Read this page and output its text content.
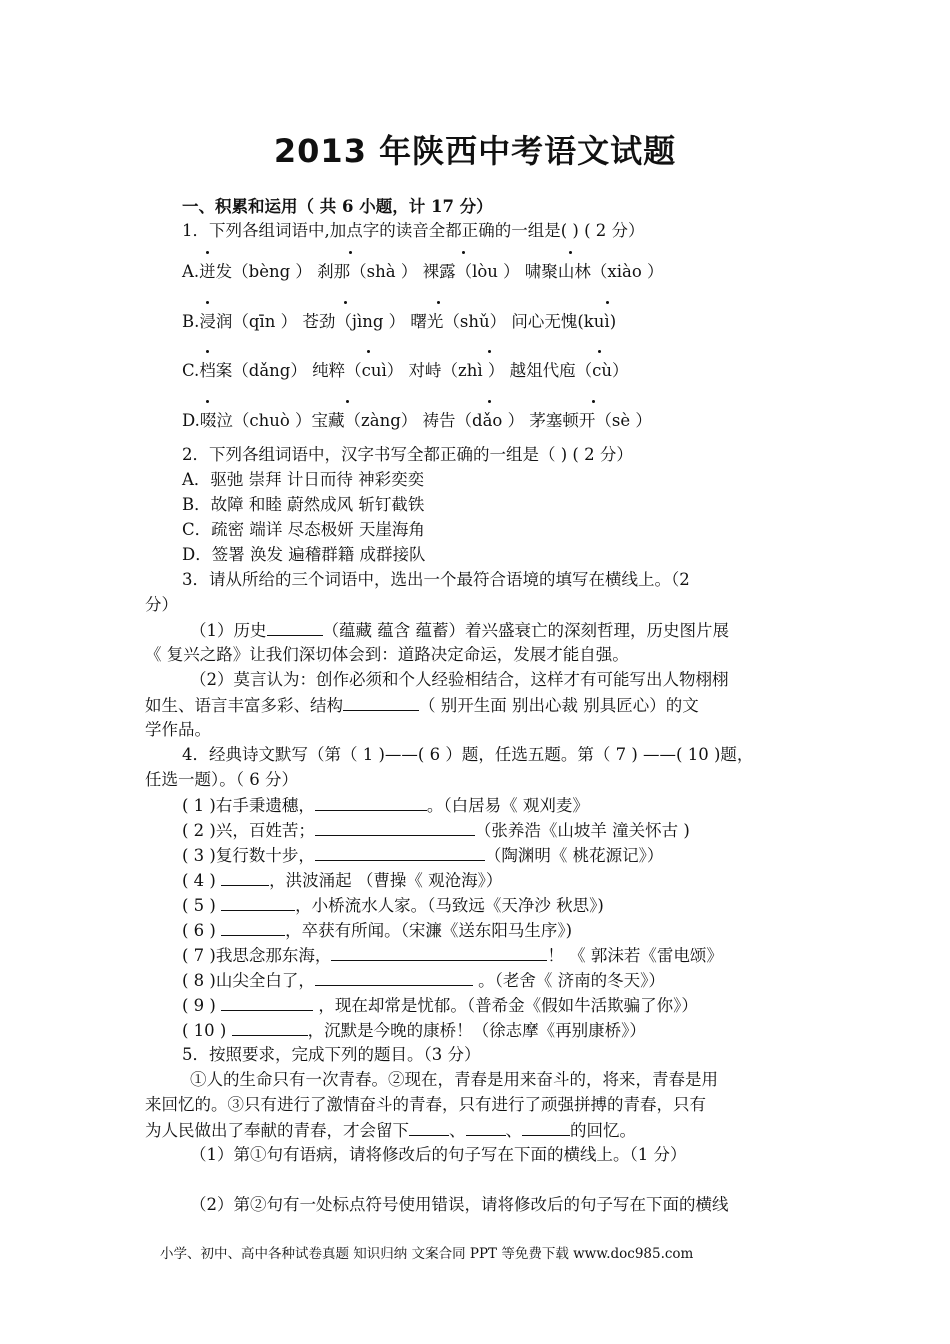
2013 年陕西中考语文试题
一、积累和运用（ 共 6 小题，计 17 分）
1．下列各组词语中,加点字的读音全都正确的一组是( ) ( 2 分）
A.迸发（bèng ） 刹那（shà ） 裸露（lòu ） 啸聚山林（xiào ）
B.浸润（qīn ） 苍劲（jìng ） 曙光（shǔ） 问心无愧(kuì)
C.档案（dǎng） 纯粹（cuì） 对峙（zhì ） 越俎代庖（cù）
D.啜泣（chuò ）宝藏（zàng） 祷告（dǎo ） 茅塞顿开（sè ）
2．下列各组词语中，汉字书写全都正确的一组是（ ) ( 2 分）
A．驱弛 崇拜 计日而待 神彩奕奕
B．故障 和睦 蔚然成风 斩钉截铁
C．疏密 端详 尽态极妍 天崖海角
D．签署 涣发 遍稽群籍 成群接队
3．请从所给的三个词语中，选出一个最符合语境的填写在横线上。（2
分）
（1）历史	（蕴藏 蕴含 蕴蓄）着兴盛衰亡的深刻哲理，历史图片展
《 复兴之路》让我们深切体会到：道路决定命运，发展才能自强。
（2）莫言认为：创作必须和个人经验相结合，这样才有可能写出人物栩栩
如生、语言丰富多彩、结构	（ 别开生面 别出心裁 别具匠心）的文
学作品。
4．经典诗文默写（第（ 1 )——( 6 ）题，任选五题。第（ 7 ) ——( 10 )题，
任选一题）。（ 6 分）
( 1 )右手秉遗穗，	。（白居易《 观刈麦》
( 2 )兴，百姓苦；	（张养浩《山坡羊 潼关怀古 )
( 3 )复行数十步，	（陶渊明《 桃花源记》）
( 4 )	，洪波涌起 （曹操《 观沧海》）
( 5 )	，小桥流水人家。（马致远《天净沙 秋思》)
( 6 )	，卒获有所闻。（宋濂《送东阳马生序》)
( 7 )我思念那东海，	！ 《 郭沫若《雷电颂》
( 8 )山尖全白了，	。（老舍《 济南的冬天》）
( 9 )	，现在却常是忧郁。（普希金《假如牛活欺骗了你》）
( 10 )	，沉默是今晚的康桥！（徐志摩《再别康桥》）
5．按照要求，完成下列的题目。（3 分）
①人的生命只有一次青春。②现在，青春是用来奋斗的，将来，青春是用
来回忆的。③只有进行了激情奋斗的青春，只有进行了顽强拼搏的青春，只有
为人民做出了奉献的青春，才会留下 、 、	的回忆。
（1）第①句有语病，请将修改后的句子写在下面的横线上。（1 分）
（2）第②句有一处标点符号使用错误，请将修改后的句子写在下面的横线
小学、初中、高中各种试卷真题 知识归纳 文案合同 PPT 等免费下载 www.doc985.com
